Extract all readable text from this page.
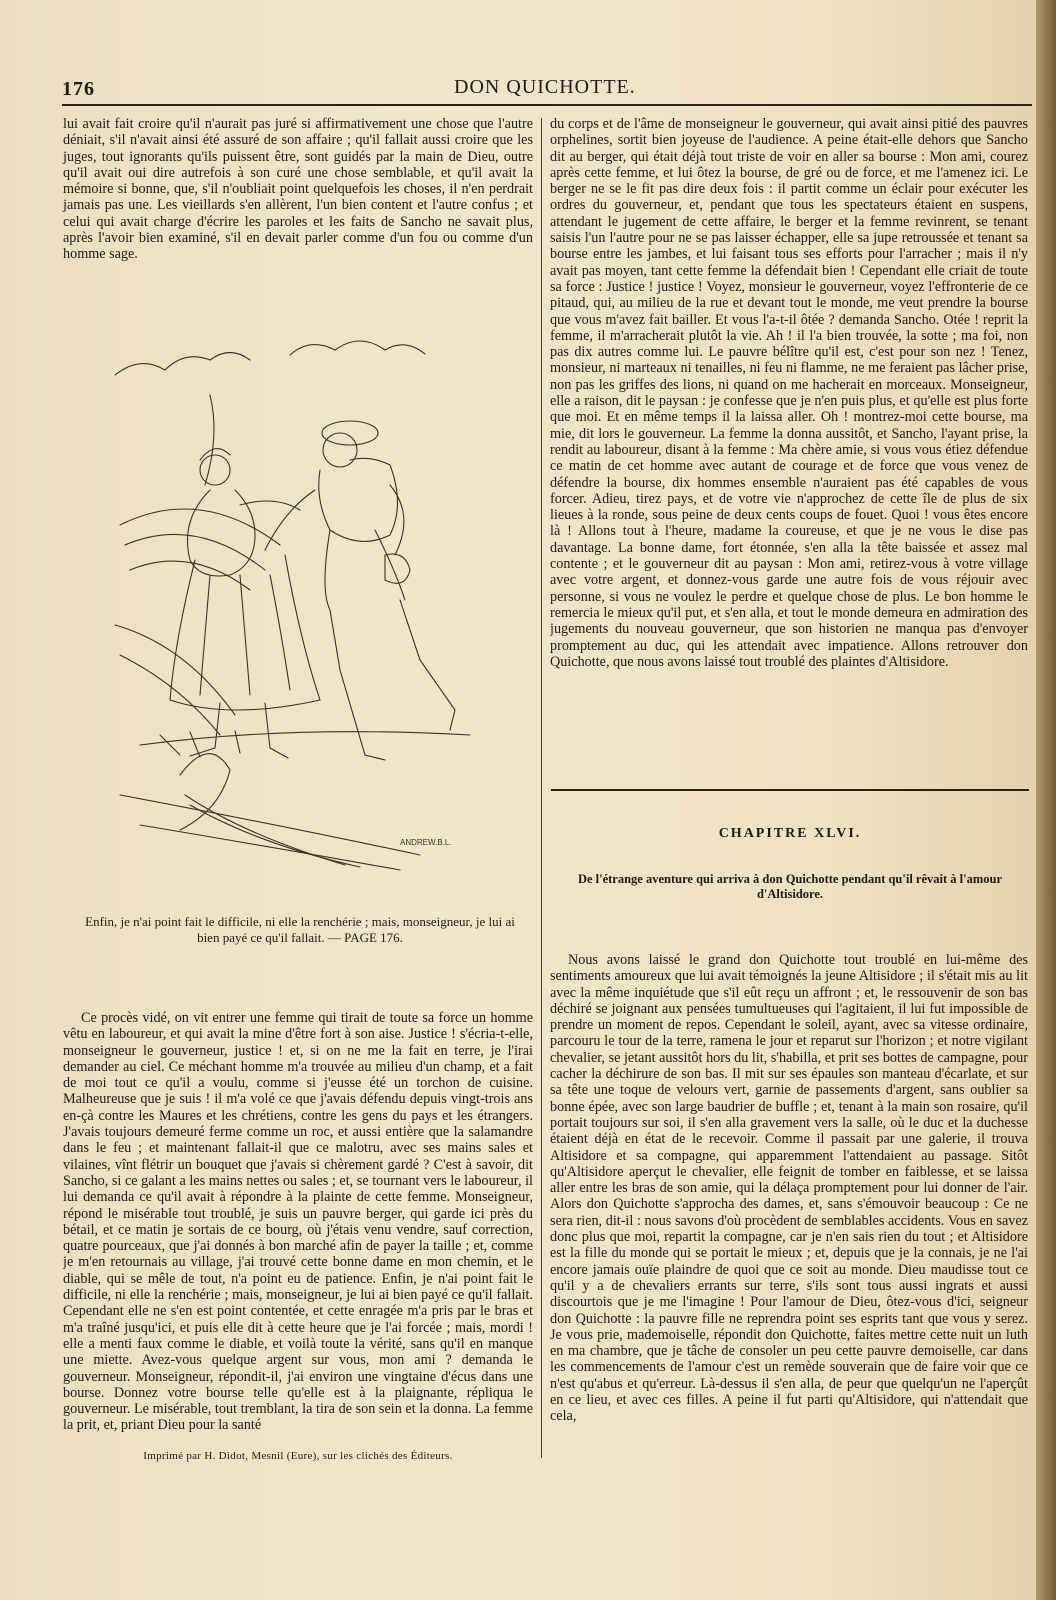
176	DON QUICHOTTE.

lui avait fait croire qu'il n'aurait pas juré si affirmativement une chose que l'autre déniait, s'il n'avait ainsi été assuré de son affaire ; qu'il fallait aussi croire que les juges, tout ignorants qu'ils puissent être, sont guidés par la main de Dieu, outre qu'il avait oui dire autrefois à son curé une chose semblable, et qu'il avait la mémoire si bonne, que, s'il n'oubliait point quelquefois les choses, il n'en perdrait jamais pas une. Les vieillards s'en allèrent, l'un bien content et l'autre confus ; et celui qui avait charge d'écrire les paroles et les faits de Sancho ne savait plus, après l'avoir bien examiné, s'il en devait parler comme d'un fou ou comme d'un homme sage.

ANDREW.B.L.
Enfin, je n'ai point fait le difficile, ni elle la renchérie ; mais, monseigneur, je lui ai bien payé ce qu'il fallait. — PAGE 176.

Ce procès vidé, on vit entrer une femme qui tirait de toute sa force un homme vêtu en laboureur, et qui avait la mine d'être fort à son aise. Justice ! s'écria-t-elle, monseigneur le gouverneur, justice ! et, si on ne me la fait en terre, je l'irai demander au ciel. Ce méchant homme m'a trouvée au milieu d'un champ, et a fait de moi tout ce qu'il a voulu, comme si j'eusse été un torchon de cuisine. Malheureuse que je suis ! il m'a volé ce que j'avais défendu depuis vingt-trois ans en-çà contre les Maures et les chrétiens, contre les gens du pays et les étrangers. J'avais toujours demeuré ferme comme un roc, et aussi entière que la salamandre dans le feu ; et maintenant fallait-il que ce malotru, avec ses mains sales et vilaines, vînt flétrir un bouquet que j'avais si chèrement gardé ? C'est à savoir, dit Sancho, si ce galant a les mains nettes ou sales ; et, se tournant vers le laboureur, il lui demanda ce qu'il avait à répondre à la plainte de cette femme. Monseigneur, répond le misérable tout troublé, je suis un pauvre berger, qui garde ici près du bétail, et ce matin je sortais de ce bourg, où j'étais venu vendre, sauf correction, quatre pourceaux, que j'ai donnés à bon marché afin de payer la taille ; et, comme je m'en retournais au village, j'ai trouvé cette bonne dame en mon chemin, et le diable, qui se mêle de tout, n'a point eu de patience. Enfin, je n'ai point fait le difficile, ni elle la renchérie ; mais, monseigneur, je lui ai bien payé ce qu'il fallait. Cependant elle ne s'en est point contentée, et cette enragée m'a pris par le bras et m'a traîné jusqu'ici, et puis elle dit à cette heure que je l'ai forcée ; mais, mordi ! elle a menti faux comme le diable, et voilà toute la vérité, sans qu'il en manque une miette. Avez-vous quelque argent sur vous, mon ami ? demanda le gouverneur. Monseigneur, répondit-il, j'ai environ une vingtaine d'écus dans une bourse. Donnez votre bourse telle qu'elle est à la plaignante, répliqua le gouverneur. Le misérable, tout tremblant, la tira de son sein et la donna. La femme la prit, et, priant Dieu pour la santé

du corps et de l'âme de monseigneur le gouverneur, qui avait ainsi pitié des pauvres orphelines, sortit bien joyeuse de l'audience. A peine était-elle dehors que Sancho dit au berger, qui était déjà tout triste de voir en aller sa bourse : Mon ami, courez après cette femme, et lui ôtez la bourse, de gré ou de force, et me l'amenez ici. Le berger ne se le fit pas dire deux fois : il partit comme un éclair pour exécuter les ordres du gouverneur, et, pendant que tous les spectateurs étaient en suspens, attendant le jugement de cette affaire, le berger et la femme revinrent, se tenant saisis l'un l'autre pour ne se pas laisser échapper, elle sa jupe retroussée et tenant sa bourse entre les jambes, et lui faisant tous ses efforts pour l'arracher ; mais il n'y avait pas moyen, tant cette femme la défendait bien ! Cependant elle criait de toute sa force : Justice ! justice ! Voyez, monsieur le gouverneur, voyez l'effronterie de ce pitaud, qui, au milieu de la rue et devant tout le monde, me veut prendre la bourse que vous m'avez fait bailler. Et vous l'a-t-il ôtée ? demanda Sancho. Otée ! reprit la femme, il m'arracherait plutôt la vie. Ah ! il l'a bien trouvée, la sotte ; ma foi, non pas dix autres comme lui. Le pauvre bélître qu'il est, c'est pour son nez ! Tenez, monsieur, ni marteaux ni tenailles, ni feu ni flamme, ne me feraient pas lâcher prise, non pas les griffes des lions, ni quand on me hacherait en morceaux. Monseigneur, elle a raison, dit le paysan : je confesse que je n'en puis plus, et qu'elle est plus forte que moi. Et en même temps il la laissa aller. Oh ! montrez-moi cette bourse, ma mie, dit lors le gouverneur. La femme la donna aussitôt, et Sancho, l'ayant prise, la rendit au laboureur, disant à la femme : Ma chère amie, si vous vous étiez défendue ce matin de cet homme avec autant de courage et de force que vous venez de défendre la bourse, dix hommes ensemble n'auraient pas été capables de vous forcer. Adieu, tirez pays, et de votre vie n'approchez de cette île de plus de six lieues à la ronde, sous peine de deux cents coups de fouet. Quoi ! vous êtes encore là ! Allons tout à l'heure, madame la coureuse, et que je ne vous le dise pas davantage. La bonne dame, fort étonnée, s'en alla la tête baissée et assez mal contente ; et le gouverneur dit au paysan : Mon ami, retirez-vous à votre village avec votre argent, et donnez-vous garde une autre fois de vous réjouir avec personne, si vous ne voulez le perdre et quelque chose de plus. Le bon homme le remercia le mieux qu'il put, et s'en alla, et tout le monde demeura en admiration des jugements du nouveau gouverneur, que son historien ne manqua pas d'envoyer promptement au duc, qui les attendait avec impatience. Allons retrouver don Quichotte, que nous avons laissé tout troublé des plaintes d'Altisidore.

CHAPITRE XLVI.
De l'étrange aventure qui arriva à don Quichotte pendant qu'il rêvait à l'amour d'Altisidore.

Nous avons laissé le grand don Quichotte tout troublé en lui-même des sentiments amoureux que lui avait témoignés la jeune Altisidore ; il s'était mis au lit avec la même inquiétude que s'il eût reçu un affront ; et, le ressouvenir de son bas déchiré se joignant aux pensées tumultueuses qui l'agitaient, il lui fut impossible de prendre un moment de repos. Cependant le soleil, ayant, avec sa vitesse ordinaire, parcouru le tour de la terre, ramena le jour et reparut sur l'horizon ; et notre vigilant chevalier, se jetant aussitôt hors du lit, s'habilla, et prit ses bottes de campagne, pour cacher la déchirure de son bas. Il mit sur ses épaules son manteau d'écarlate, et sur sa tête une toque de velours vert, garnie de passements d'argent, sans oublier sa bonne épée, avec son large baudrier de buffle ; et, tenant à la main son rosaire, qu'il portait toujours sur soi, il s'en alla gravement vers la salle, où le duc et la duchesse étaient déjà en état de le recevoir. Comme il passait par une galerie, il trouva Altisidore et sa compagne, qui apparemment l'attendaient au passage. Sitôt qu'Altisidore aperçut le chevalier, elle feignit de tomber en faiblesse, et se laissa aller entre les bras de son amie, qui la délaça promptement pour lui donner de l'air. Alors don Quichotte s'approcha des dames, et, sans s'émouvoir beaucoup : Ce ne sera rien, dit-il : nous savons d'où procèdent de semblables accidents. Vous en savez donc plus que moi, repartit la compagne, car je n'en sais rien du tout ; et Altisidore est la fille du monde qui se portait le mieux ; et, depuis que je la connais, je ne l'ai encore jamais ouïe plaindre de quoi que ce soit au monde. Dieu maudisse tout ce qu'il y a de chevaliers errants sur terre, s'ils sont tous aussi ingrats et aussi discourtois que je me l'imagine ! Pour l'amour de Dieu, ôtez-vous d'ici, seigneur don Quichotte : la pauvre fille ne reprendra point ses esprits tant que vous y serez. Je vous prie, mademoiselle, répondit don Quichotte, faites mettre cette nuit un luth en ma chambre, que je tâche de consoler un peu cette pauvre demoiselle, car dans les commencements de l'amour c'est un remède souverain que de faire voir que ce n'est qu'abus et qu'erreur. Là-dessus il s'en alla, de peur que quelqu'un ne l'aperçût en ce lieu, et avec ces filles. A peine il fut parti qu'Altisidore, qui n'attendait que cela,

Imprimé par H. Didot, Mesnil (Eure), sur les clichés des Éditeurs.
